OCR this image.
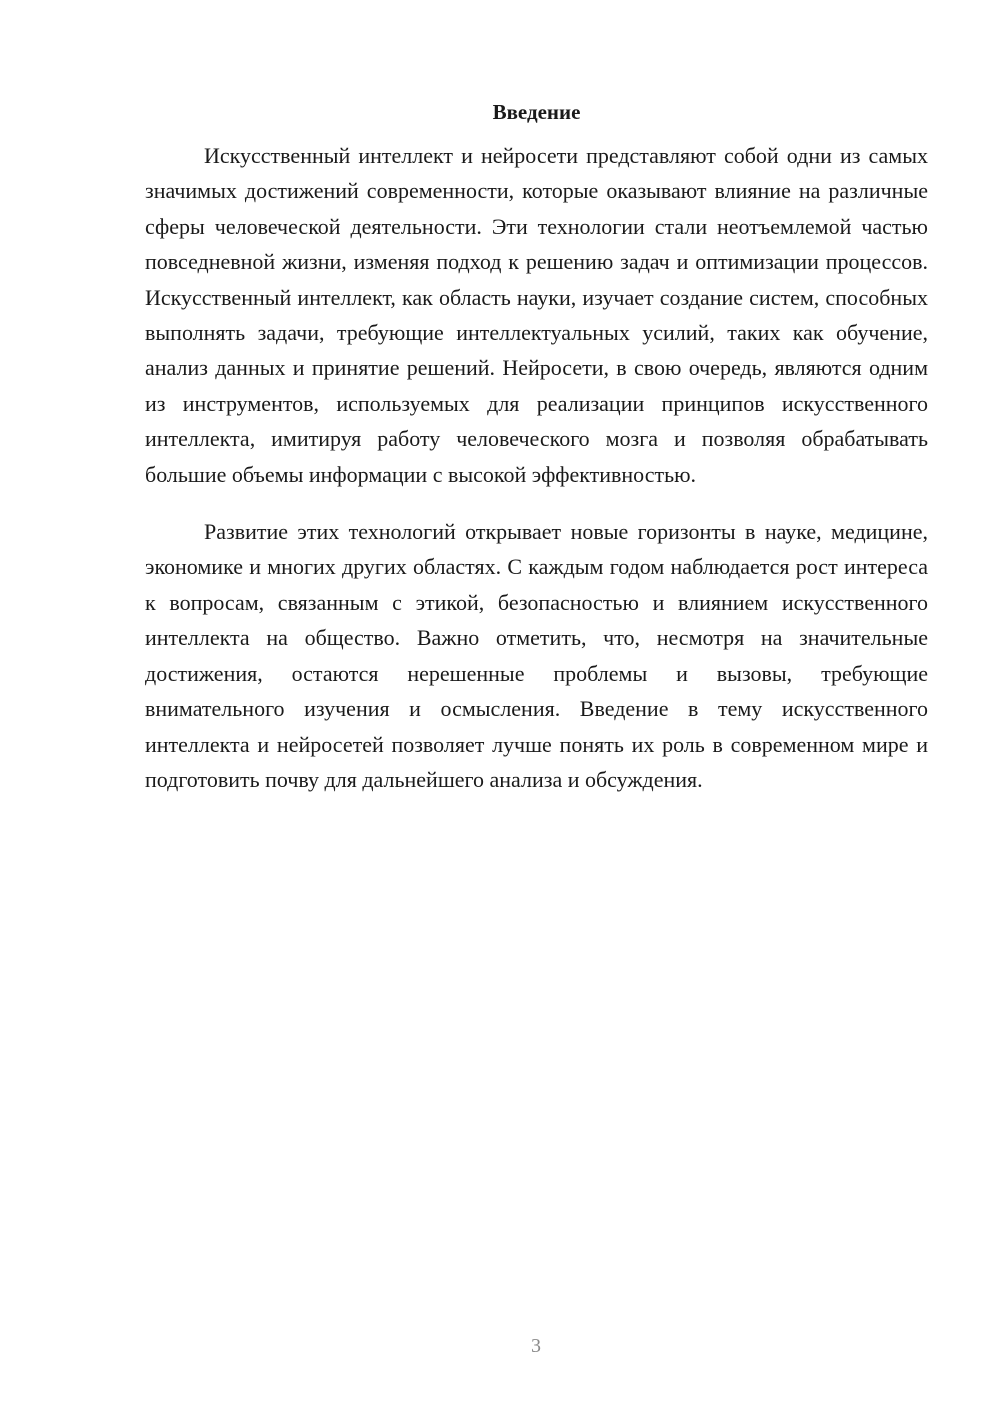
Введение

Искусственный интеллект и нейросети представляют собой одни из самых значимых достижений современности, которые оказывают влияние на различные сферы человеческой деятельности. Эти технологии стали неотъемлемой частью повседневной жизни, изменяя подход к решению задач и оптимизации процессов. Искусственный интеллект, как область науки, изучает создание систем, способных выполнять задачи, требующие интеллектуальных усилий, таких как обучение, анализ данных и принятие решений. Нейросети, в свою очередь, являются одним из инструментов, используемых для реализации принципов искусственного интеллекта, имитируя работу человеческого мозга и позволяя обрабатывать большие объемы информации с высокой эффективностью.

Развитие этих технологий открывает новые горизонты в науке, медицине, экономике и многих других областях. С каждым годом наблюдается рост интереса к вопросам, связанным с этикой, безопасностью и влиянием искусственного интеллекта на общество. Важно отметить, что, несмотря на значительные достижения, остаются нерешенные проблемы и вызовы, требующие внимательного изучения и осмысления. Введение в тему искусственного интеллекта и нейросетей позволяет лучше понять их роль в современном мире и подготовить почву для дальнейшего анализа и обсуждения.

3
